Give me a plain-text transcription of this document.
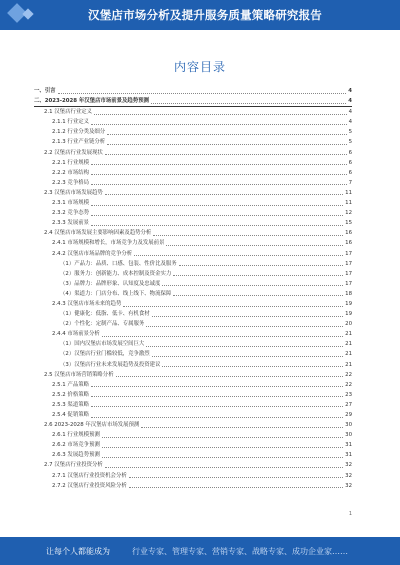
汉堡店市场分析及提升服务质量策略研究报告
内容目录
一、引言	4
二、2023-2028 年汉堡店市场前景及趋势预测	4
2.1 汉堡店行业定义	4
2.1.1 行业定义	4
2.1.2 行业分类及细分	5
2.1.3 行业产业链分析	5
2.2 汉堡店行业发展现状	6
2.2.1 行业规模	6
2.2.2 市场结构	6
2.2.3 竞争格局	7
2.3 汉堡店市场发展趋势	11
2.3.1 市场规模	11
2.3.2 竞争态势	12
2.3.3 发展前景	15
2.4 汉堡店市场发展主要影响因素及趋势分析	16
2.4.1 市场规模和增长，市场竞争力及发展前景	16
2.4.2 汉堡店市场品牌的竞争分析	17
（1）产品力：品质、口感、包装、性价比及服务	17
（2）服务力：创新能力、成本控制及资金实力	17
（3）品牌力：品牌形象、认知度及忠诚度	17
（4）渠道力：门店分布、线上线下、物流保障	18
2.4.3 汉堡店市场未来的趋势	19
（1）健康化：低脂、低卡、有机食材	19
（2）个性化：定制产品、专属服务	20
2.4.4 市场前景分析	21
（1）国内汉堡店市场发展空间巨大	21
（2）汉堡店行业门槛较低，竞争激烈	21
（3）汉堡店行业未来发展趋势及投资建议	21
2.5 汉堡店市场营销策略分析	22
2.5.1 产品策略	22
2.5.2 价格策略	23
2.5.3 渠道策略	27
2.5.4 促销策略	29
2.6 2023-2028 年汉堡店市场发展预测	30
2.6.1 行业规模预测	30
2.6.2 市场竞争预测	31
2.6.3 发展趋势预测	31
2.7 汉堡店行业投资分析	32
2.7.1 汉堡店行业投资机会分析	32
2.7.2 汉堡店行业投资风险分析	32
1
让每个人都能成为	行业专家、管理专家、营销专家、战略专家、成功企业家……
